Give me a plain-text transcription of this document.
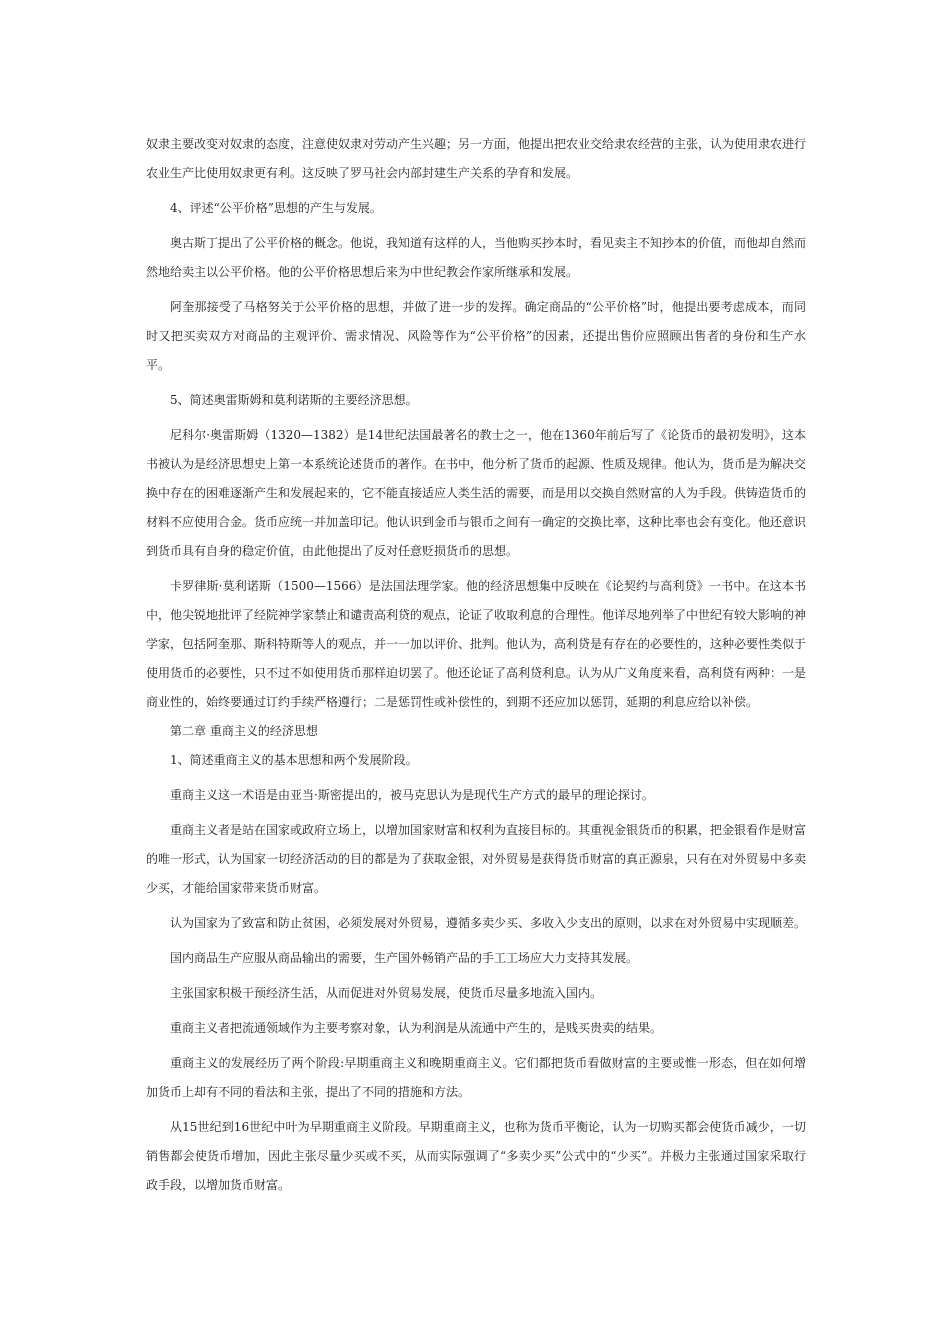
奴隶主要改变对奴隶的态度，注意使奴隶对劳动产生兴趣；另一方面，他提出把农业交给隶农经营的主张，认为使用隶农进行农业生产比使用奴隶更有利。这反映了罗马社会内部封建生产关系的孕育和发展。

4、评述“公平价格”思想的产生与发展。

奥古斯丁提出了公平价格的概念。他说，我知道有这样的人，当他购买抄本时，看见卖主不知抄本的价值，而他却自然而然地给卖主以公平价格。他的公平价格思想后来为中世纪教会作家所继承和发展。

阿奎那接受了马格努关于公平价格的思想，并做了进一步的发挥。确定商品的“公平价格”时，他提出要考虑成本，而同时又把买卖双方对商品的主观评价、需求情况、风险等作为“公平价格”的因素，还提出售价应照顾出售者的身份和生产水平。

5、简述奥雷斯姆和莫利诺斯的主要经济思想。

尼科尔·奥雷斯姆（1320—1382）是14世纪法国最著名的教士之一，他在1360年前后写了《论货币的最初发明》，这本书被认为是经济思想史上第一本系统论述货币的著作。在书中，他分析了货币的起源、性质及规律。他认为，货币是为解决交换中存在的困难逐渐产生和发展起来的，它不能直接适应人类生活的需要，而是用以交换自然财富的人为手段。供铸造货币的材料不应使用合金。货币应统一并加盖印记。他认识到金币与银币之间有一确定的交换比率，这种比率也会有变化。他还意识到货币具有自身的稳定价值，由此他提出了反对任意贬损货币的思想。

卡罗律斯·莫利诺斯（1500—1566）是法国法理学家。他的经济思想集中反映在《论契约与高利贷》一书中。在这本书中，他尖锐地批评了经院神学家禁止和谴责高利贷的观点，论证了收取利息的合理性。他详尽地列举了中世纪有较大影响的神学家，包括阿奎那、斯科特斯等人的观点，并一一加以评价、批判。他认为，高利贷是有存在的必要性的，这种必要性类似于使用货币的必要性，只不过不如使用货币那样迫切罢了。他还论证了高利贷利息。认为从广义角度来看，高利贷有两种：一是商业性的，始终要通过订约手续严格遵行；二是惩罚性或补偿性的，到期不还应加以惩罚，延期的利息应给以补偿。

第二章 重商主义的经济思想

1、简述重商主义的基本思想和两个发展阶段。

重商主义这一术语是由亚当·斯密提出的，被马克思认为是现代生产方式的最早的理论探讨。

重商主义者是站在国家或政府立场上，以增加国家财富和权利为直接目标的。其重视金银货币的积累，把金银看作是财富的唯一形式，认为国家一切经济活动的目的都是为了获取金银，对外贸易是获得货币财富的真正源泉，只有在对外贸易中多卖少买，才能给国家带来货币财富。

认为国家为了致富和防止贫困，必须发展对外贸易，遵循多卖少买、多收入少支出的原则，以求在对外贸易中实现顺差。

国内商品生产应服从商品输出的需要，生产国外畅销产品的手工工场应大力支持其发展。

主张国家积极干预经济生活，从而促进对外贸易发展，使货币尽量多地流入国内。

重商主义者把流通领域作为主要考察对象，认为利润是从流通中产生的，是贱买贵卖的结果。

重商主义的发展经历了两个阶段:早期重商主义和晚期重商主义。它们都把货币看做财富的主要或惟一形态，但在如何增加货币上却有不同的看法和主张，提出了不同的措施和方法。

从15世纪到16世纪中叶为早期重商主义阶段。早期重商主义，也称为货币平衡论，认为一切购买都会使货币减少，一切销售都会使货币增加，因此主张尽量少买或不买，从而实际强调了“多卖少买”公式中的“少买”。并极力主张通过国家采取行政手段，以增加货币财富。
